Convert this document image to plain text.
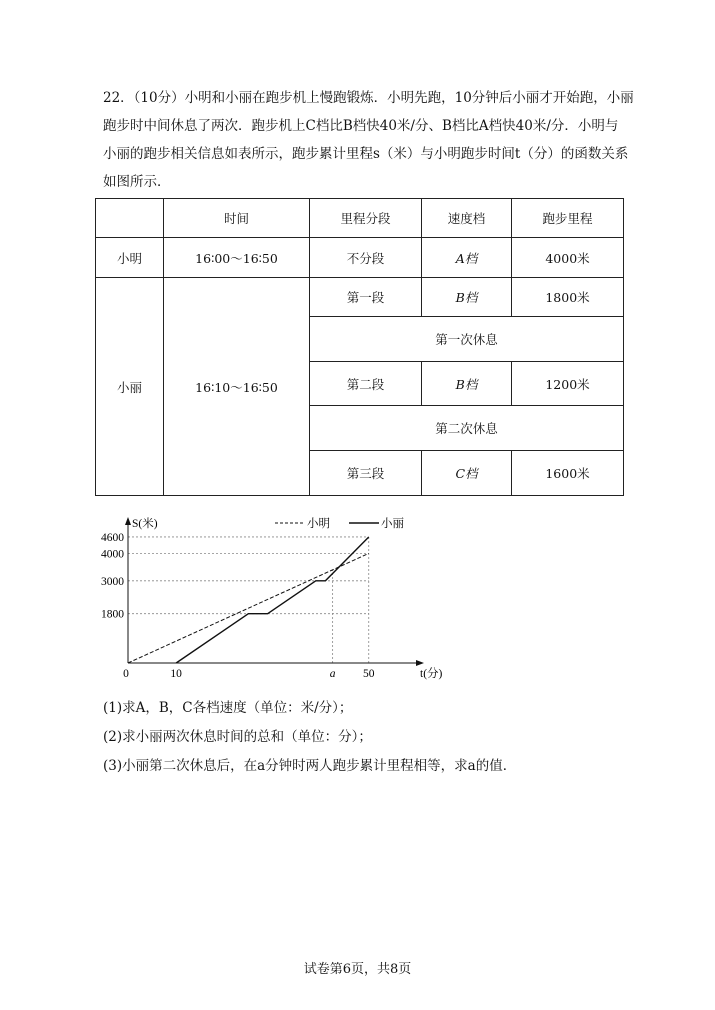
22．（10分）小明和小丽在跑步机上慢跑锻炼．小明先跑，10分钟后小丽才开始跑，小丽

跑步时中间休息了两次．跑步机上C档比B档快40米/分、B档比A档快40米/分．小明与

小丽的跑步相关信息如表所示，跑步累计里程s（米）与小明跑步时间t（分）的函数关系

如图所示．

	时间	里程分段	速度档	跑步里程
小明	16∶00～16∶50	不分段	A档	4000米
小丽	16∶10～16∶50	第一段	B档	1800米
		第一次休息		
		第二段	B档	1200米
		第二次休息		
		第三段	C档	1600米
4600
4000
3000
1800
0	10	a 50
S(米)
t(分)
小明	小丽

(1)求A，B，C各档速度（单位：米/分）；

(2)求小丽两次休息时间的总和（单位：分）；

(3)小丽第二次休息后，在a分钟时两人跑步累计里程相等，求a的值．

试卷第6页，共8页
